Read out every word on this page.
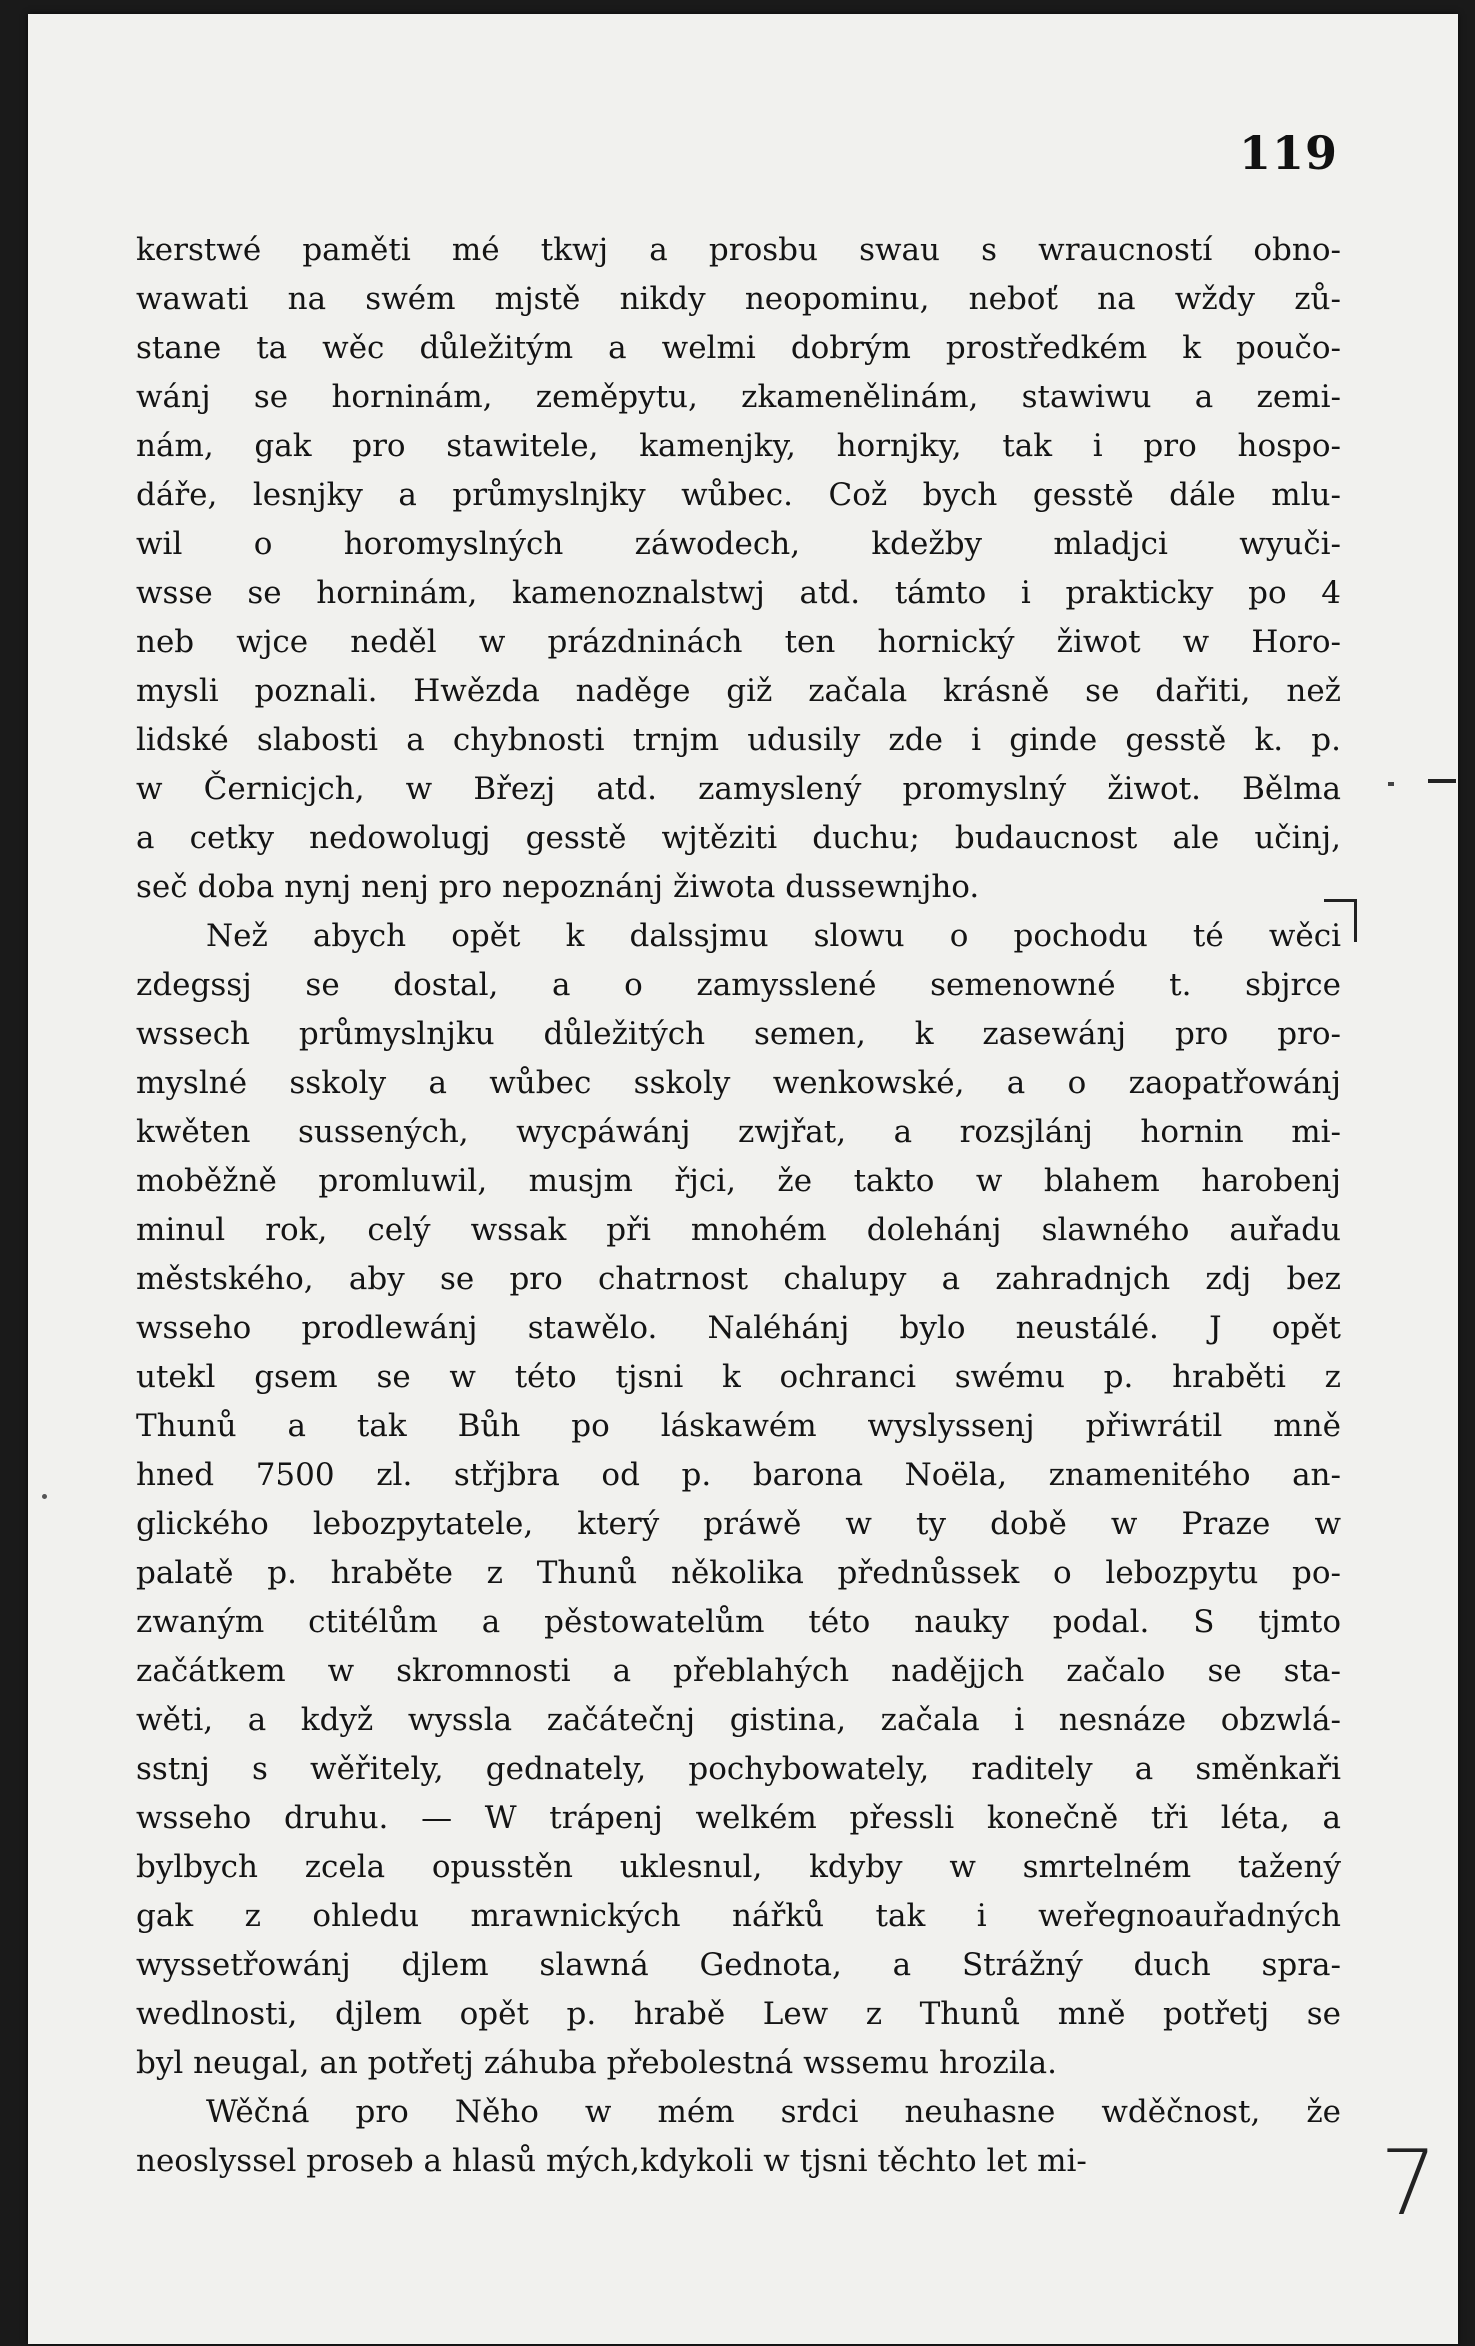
119
kerstwé paměti mé tkwj a prosbu swau s wraucností obno-
wawati na swém mjstě nikdy neopominu, neboť na wždy zů-
stane ta wěc důležitým a welmi dobrým prostředkém k poučo-
wánj se horninám, zeměpytu, zkamenělinám, stawiwu a zemi-
nám, gak pro stawitele, kamenjky, hornjky, tak i pro hospo-
dáře, lesnjky a průmyslnjky wůbec. Což bych gesstě dále mlu-
wil o horomyslných záwodech, kdežby mladjci wyuči-
wsse se horninám, kamenoznalstwj atd. támto i prakticky po 4
neb wjce neděl w prázdninách ten hornický žiwot w Horo-
mysli poznali. Hwězda naděge giž začala krásně se dařiti, než
lidské slabosti a chybnosti trnjm udusily zde i ginde gesstě k. p.
w Černicjch, w Březj atd. zamyslený promyslný žiwot. Bělma
a cetky nedowolugj gesstě wjtěziti duchu; budaucnost ale učinj,
seč doba nynj nenj pro nepoznánj žiwota dussewnjho.
Než abych opět k dalssjmu slowu o pochodu té wěci
zdegssj se dostal, a o zamysslené semenowné t. sbjrce
wssech průmyslnjku důležitých semen, k zasewánj pro pro-
myslné sskoly a wůbec sskoly wenkowské, a o zaopatřowánj
kwěten sussených, wycpáwánj zwjřat, a rozsjlánj hornin mi-
moběžně promluwil, musjm řjci, že takto w blahem harobenj
minul rok, celý wssak při mnohém dolehánj slawného auřadu
městského, aby se pro chatrnost chalupy a zahradnjch zdj bez
wsseho prodlewánj stawělo. Naléhánj bylo neustálé. J opět
utekl gsem se w této tjsni k ochranci swému p. hraběti z
Thunů a tak Bůh po láskawém wyslyssenj přiwrátil mně
hned 7500 zl. střjbra od p. barona Noëla, znamenitého an-
glického lebozpytatele, který práwě w ty době w Praze w
palatě p. hraběte z Thunů několika přednůssek o lebozpytu po-
zwaným ctitélům a pěstowatelům této nauky podal. S tjmto
začátkem w skromnosti a přeblahých nadějjch začalo se sta-
wěti, a když wyssla začátečnj gistina, začala i nesnáze obzwlá-
sstnj s wěřitely, gednately, pochybowately, raditely a směnkaři
wsseho druhu. — W trápenj welkém přessli konečně tři léta, a
bylbych zcela opusstěn uklesnul, kdyby w smrtelném tažený
gak z ohledu mrawnických nářků tak i weřegnoauřadných
wyssetřowánj djlem slawná Gednota, a Strážný duch spra-
wedlnosti, djlem opět p. hrabě Lew z Thunů mně potřetj se
byl neugal, an potřetj záhuba přebolestná wssemu hrozila.
Wěčná pro Něho w mém srdci neuhasne wděčnost, že
neoslyssel proseb a hlasů mých,kdykoli w tjsni těchto let mi-	7
